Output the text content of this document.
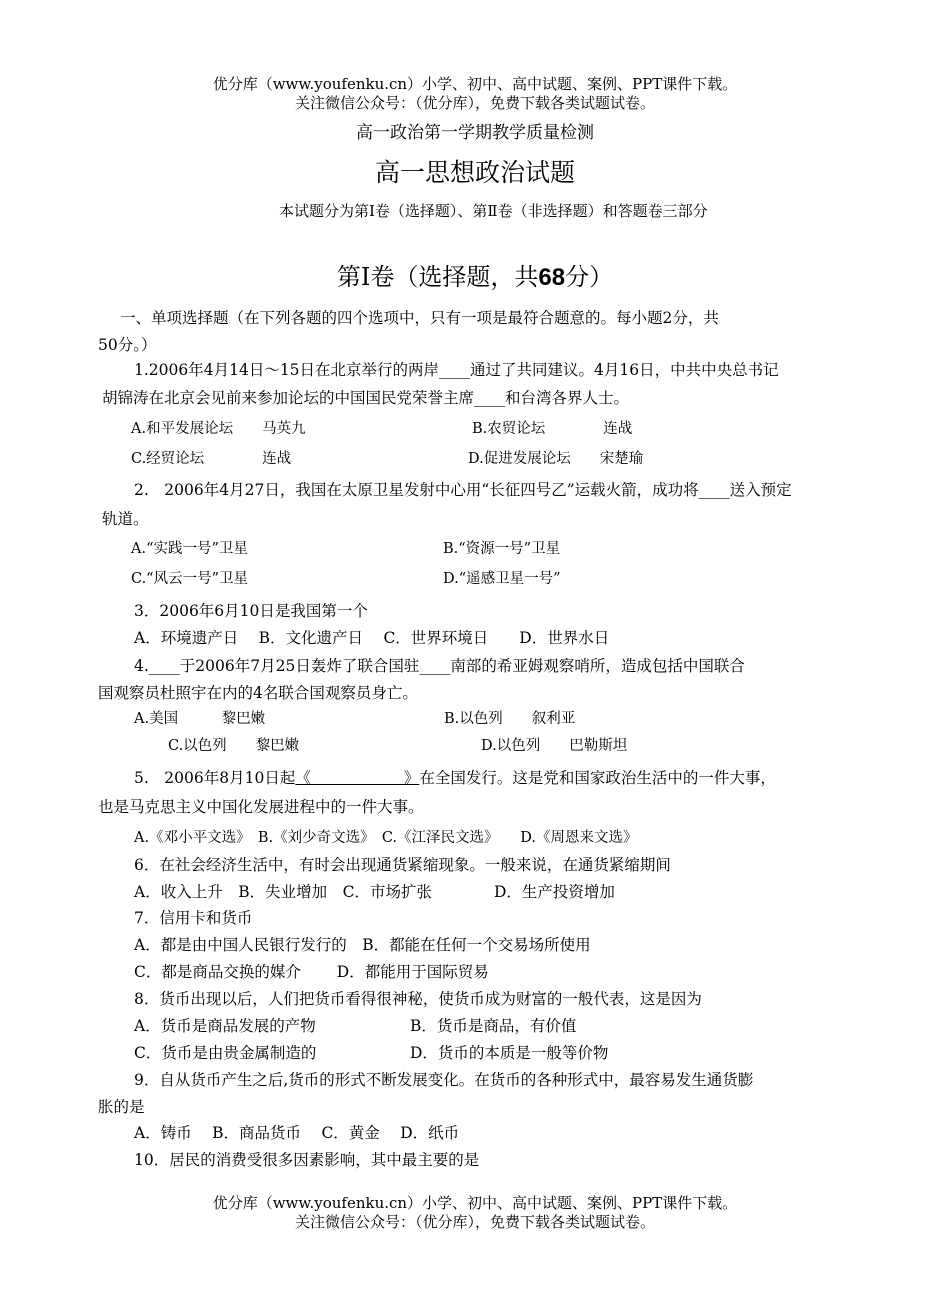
优分库（www.youfenku.cn）小学、初中、高中试题、案例、PPT课件下载。
关注微信公众号：（优分库），免费下载各类试题试卷。
高一政治第一学期教学质量检测
高一思想政治试题
本试题分为第Ⅰ卷（选择题）、第Ⅱ卷（非选择题）和答题卷三部分
第Ⅰ卷（选择题，共68分）
一、单项选择题（在下列各题的四个选项中，只有一项是最符合题意的。每小题2分，共
50分。）
1.2006年4月14日～15日在北京举行的两岸____通过了共同建议。4月16日，中共中央总书记
胡锦涛在北京会见前来参加论坛的中国国民党荣誉主席____和台湾各界人士。
A.和平发展论坛　　马英九	B.农贸论坛　　　　连战
C.经贸论坛　　　　连战	D.促进发展论坛　　宋楚瑜
2.　2006年4月27日，我国在太原卫星发射中心用“长征四号乙”运载火箭，成功将____送入预定
轨道。
A.“实践一号”卫星	B.“资源一号”卫星
C.“风云一号”卫星	D.“遥感卫星一号”
3．2006年6月10日是我国第一个
A．环境遗产日　 B．文化遗产日　 C．世界环境日　　D．世界水日
4.____于2006年7月25日轰炸了联合国驻____南部的希亚姆观察哨所，造成包括中国联合
国观察员杜照宇在内的4名联合国观察员身亡。
A.美国　　　黎巴嫩	B.以色列　　叙利亚
C.以色列　　黎巴嫩	D.以色列　　巴勒斯坦
5.　2006年8月10日起《　　　　　　》在全国发行。这是党和国家政治生活中的一件大事，
也是马克思主义中国化发展进程中的一件大事。
A.《邓小平文选》　B.《刘少奇文选》　C.《江泽民文选》　　D.《周恩来文选》
6．在社会经济生活中，有时会出现通货紧缩现象。一般来说，在通货紧缩期间
A．收入上升　B．失业增加　C．市场扩张　　　　D．生产投资增加
7．信用卡和货币
A．都是由中国人民银行发行的　B．都能在任何一个交易场所使用
C．都是商品交换的媒介　　 D．都能用于国际贸易
8．货币出现以后，人们把货币看得很神秘，使货币成为财富的一般代表，这是因为
A．货币是商品发展的产物	B．货币是商品，有价值
C．货币是由贵金属制造的	D．货币的本质是一般等价物
9．自从货币产生之后,货币的形式不断发展变化。在货币的各种形式中，最容易发生通货膨
胀的是
A．铸币　 B．商品货币　 C．黄金　 D．纸币
10．居民的消费受很多因素影响，其中最主要的是
优分库（www.youfenku.cn）小学、初中、高中试题、案例、PPT课件下载。
关注微信公众号：（优分库），免费下载各类试题试卷。
